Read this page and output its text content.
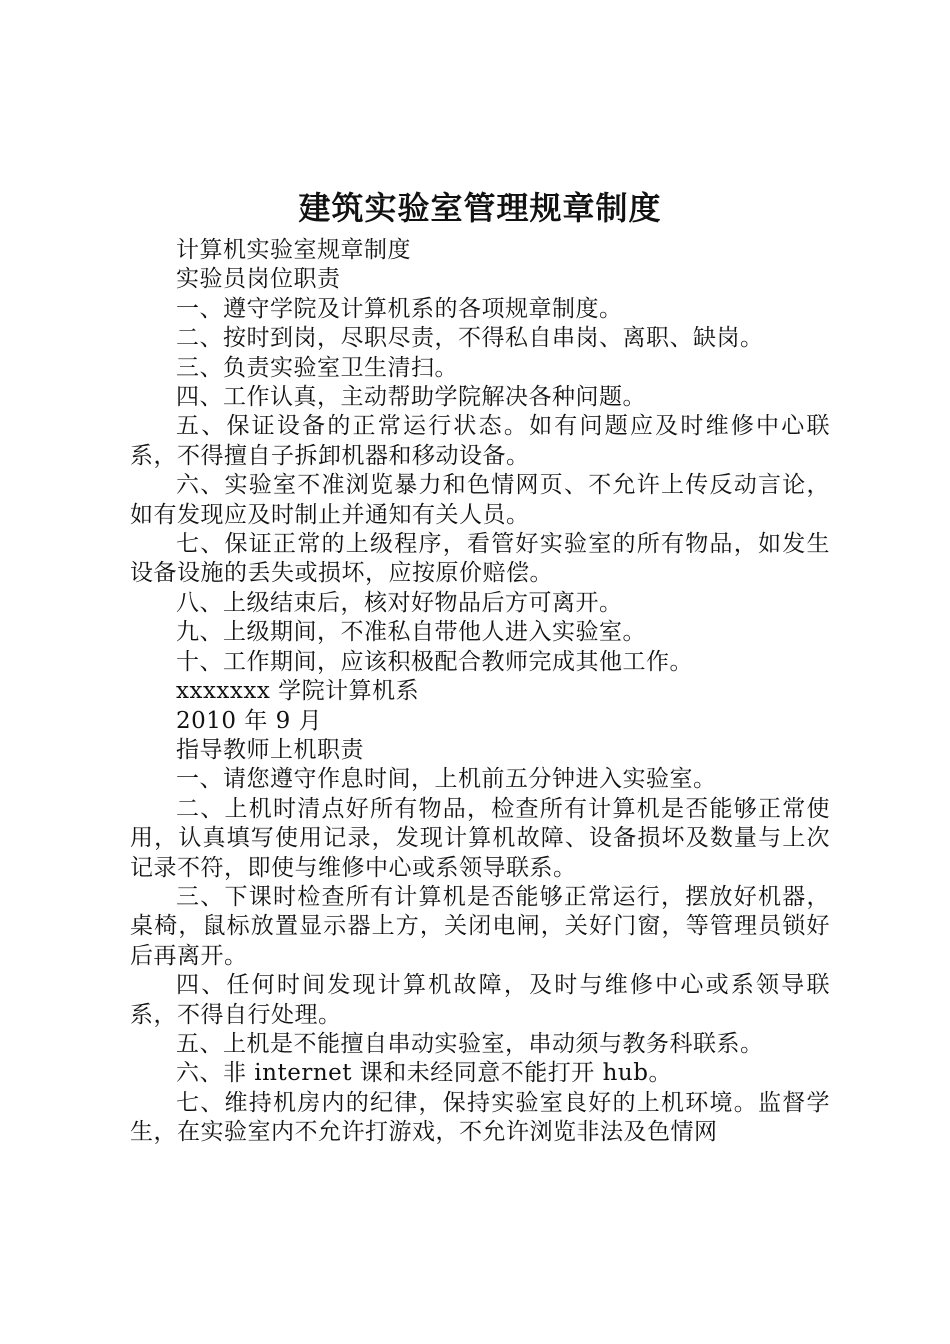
建筑实验室管理规章制度

计算机实验室规章制度

实验员岗位职责

一、遵守学院及计算机系的各项规章制度。

二、按时到岗，尽职尽责，不得私自串岗、离职、缺岗。

三、负责实验室卫生清扫。

四、工作认真，主动帮助学院解决各种问题。

五、保证设备的正常运行状态。如有问题应及时维修中心联系，不得擅自子拆卸机器和移动设备。

六、实验室不准浏览暴力和色情网页、不允许上传反动言论，如有发现应及时制止并通知有关人员。

七、保证正常的上级程序，看管好实验室的所有物品，如发生设备设施的丢失或损坏，应按原价赔偿。

八、上级结束后，核对好物品后方可离开。

九、上级期间，不准私自带他人进入实验室。

十、工作期间，应该积极配合教师完成其他工作。

xxxxxxx 学院计算机系

2010 年 9 月

指导教师上机职责

一、请您遵守作息时间，上机前五分钟进入实验室。

二、上机时清点好所有物品，检查所有计算机是否能够正常使用，认真填写使用记录，发现计算机故障、设备损坏及数量与上次记录不符，即使与维修中心或系领导联系。

三、下课时检查所有计算机是否能够正常运行，摆放好机器，桌椅，鼠标放置显示器上方，关闭电闸，关好门窗，等管理员锁好后再离开。

四、任何时间发现计算机故障，及时与维修中心或系领导联系，不得自行处理。

五、上机是不能擅自串动实验室，串动须与教务科联系。

六、非 internet 课和未经同意不能打开 hub。

七、维持机房内的纪律，保持实验室良好的上机环境。监督学生，在实验室内不允许打游戏，不允许浏览非法及色情网
